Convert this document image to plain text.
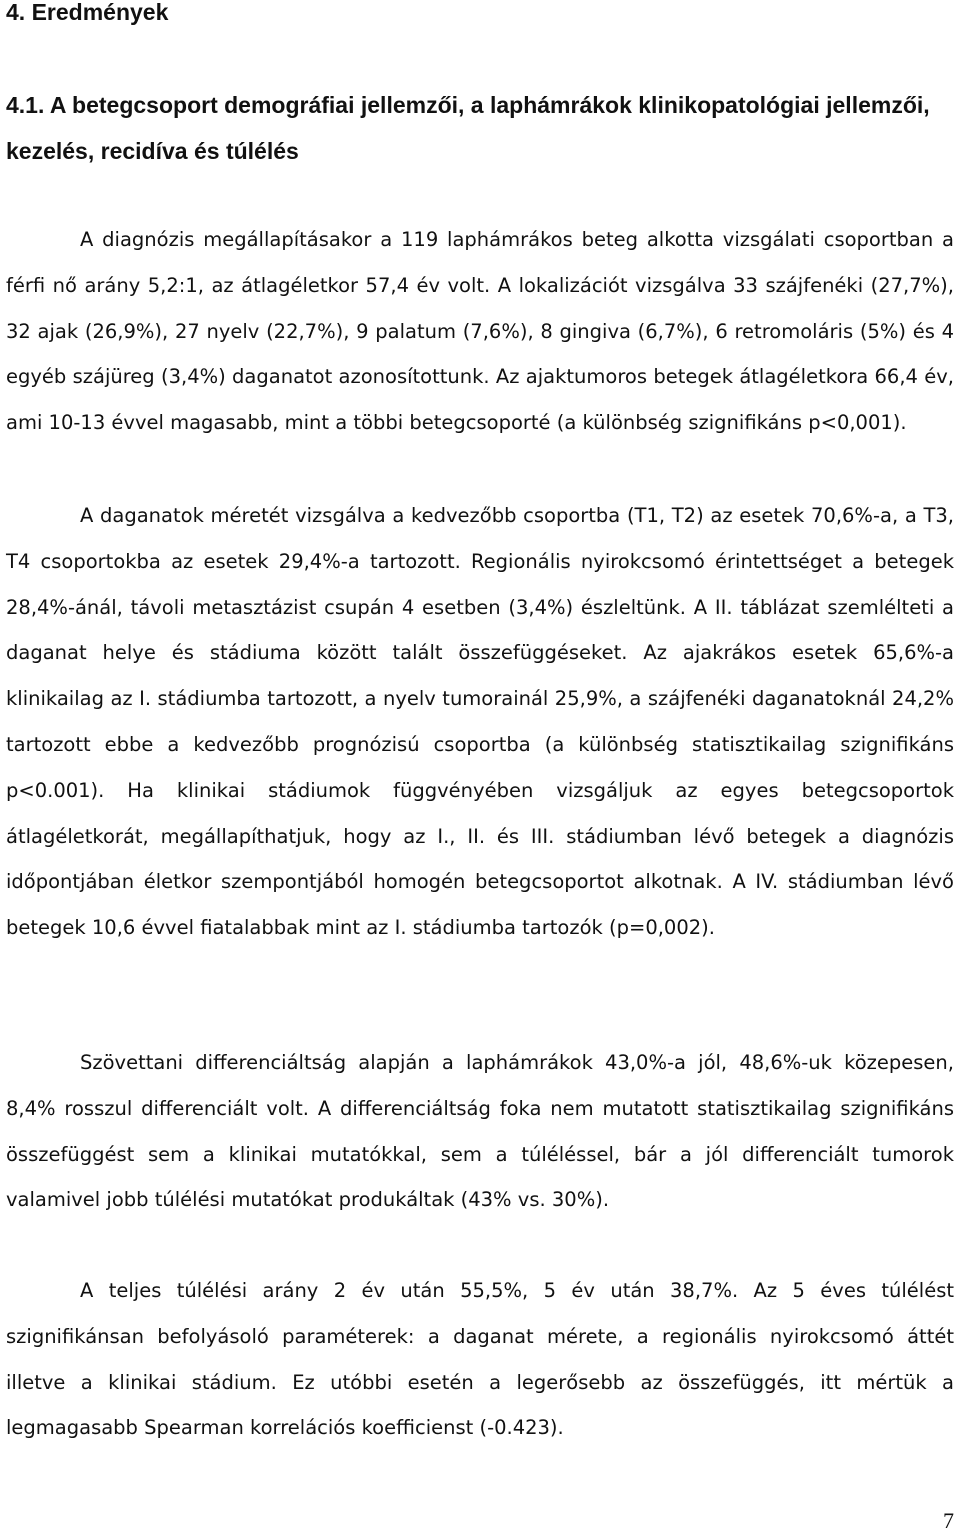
4. Eredmények
4.1. A betegcsoport demográfiai jellemzői, a laphámrákok klinikopatológiai jellemzői, kezelés, recidíva és túlélés

A diagnózis megállapításakor a 119 laphámrákos beteg alkotta vizsgálati csoportban a férfi nő arány 5,2:1, az átlagéletkor 57,4 év volt. A lokalizációt vizsgálva 33 szájfenéki (27,7%), 32 ajak (26,9%), 27 nyelv (22,7%), 9 palatum (7,6%), 8 gingiva (6,7%), 6 retromoláris (5%) és 4 egyéb szájüreg (3,4%) daganatot azonosítottunk. Az ajaktumoros betegek átlagéletkora 66,4 év, ami 10-13 évvel magasabb, mint a többi betegcsoporté (a különbség szignifikáns p<0,001).

A daganatok méretét vizsgálva a kedvezőbb csoportba (T1, T2) az esetek 70,6%-a, a T3, T4 csoportokba az esetek 29,4%-a tartozott. Regionális nyirokcsomó érintettséget a betegek 28,4%-ánál, távoli metasztázist csupán 4 esetben (3,4%) észleltünk. A II. táblázat szemlélteti a daganat helye és stádiuma között talált összefüggéseket. Az ajakrákos esetek 65,6%-a klinikailag az I. stádiumba tartozott, a nyelv tumorainál 25,9%, a szájfenéki daganatoknál 24,2% tartozott ebbe a kedvezőbb prognózisú csoportba (a különbség statisztikailag szignifikáns p<0.001). Ha klinikai stádiumok függvényében vizsgáljuk az egyes betegcsoportok átlagéletkorát, megállapíthatjuk, hogy az I., II. és III. stádiumban lévő betegek a diagnózis időpontjában életkor szempontjából homogén betegcsoportot alkotnak. A IV. stádiumban lévő betegek 10,6 évvel fiatalabbak mint az I. stádiumba tartozók (p=0,002).

Szövettani differenciáltság alapján a laphámrákok 43,0%-a jól, 48,6%-uk közepesen, 8,4% rosszul differenciált volt. A differenciáltság foka nem mutatott statisztikailag szignifikáns összefüggést sem a klinikai mutatókkal, sem a túléléssel, bár a jól differenciált tumorok valamivel jobb túlélési mutatókat produkáltak (43% vs. 30%).

A teljes túlélési arány 2 év után 55,5%, 5 év után 38,7%. Az 5 éves túlélést szignifikánsan befolyásoló paraméterek: a daganat mérete, a regionális nyirokcsomó áttét illetve a klinikai stádium. Ez utóbbi esetén a legerősebb az összefüggés, itt mértük a legmagasabb Spearman korrelációs koefficienst (-0.423).

7
